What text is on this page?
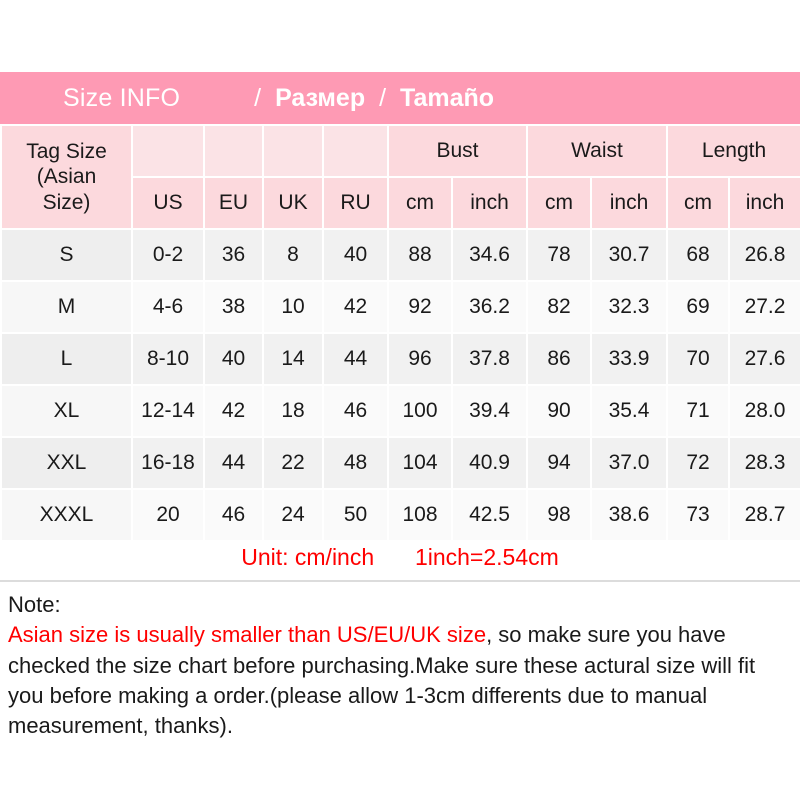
Size INFO	/ Размер / Tamaño
Tag Size
(Asian
Size)					Bust		Waist		Length	
	US	EU	UK	RU	cm	inch	cm	inch	cm	inch
S	0-2	36	8	40	88	34.6	78	30.7	68	26.8
M	4-6	38	10	42	92	36.2	82	32.3	69	27.2
L	8-10	40	14	44	96	37.8	86	33.9	70	27.6
XL	12-14	42	18	46	100	39.4	90	35.4	71	28.0
XXL	16-18	44	22	48	104	40.9	94	37.0	72	28.3
XXXL	20	46	24	50	108	42.5	98	38.6	73	28.7
Unit: cm/inch 1inch=2.54cm
Note:
Asian size is usually smaller than US/EU/UK size, so make sure you have checked the size chart before purchasing.Make sure these actural size will fit you before making a order.(please allow 1-3cm differents due to manual measurement, thanks).
